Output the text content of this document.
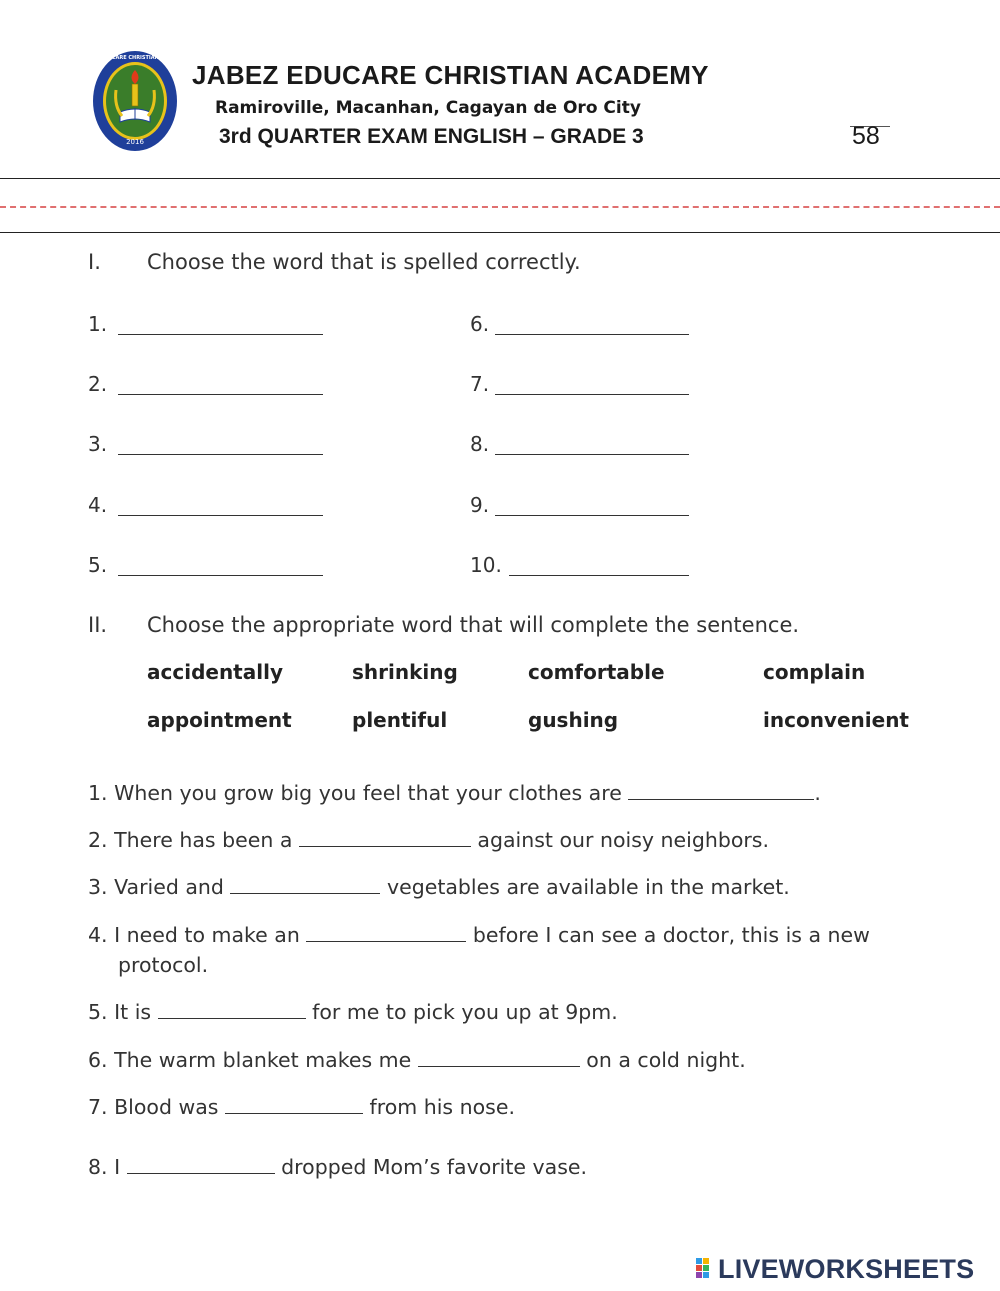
2016
JABEZ EDUCARE CHRISTIAN ACADEMY
JABEZ EDUCARE CHRISTIAN ACADEMY
Ramiroville, Macanhan, Cagayan de Oro City
3rd QUARTER EXAM ENGLISH – GRADE 3	58
I. Choose the word that is spelled correctly.
1.
2.
3.
4.
5.
6.
7.
8.
9.
10.
II. Choose the appropriate word that will complete the sentence.
accidentally	shrinking	comfortable	complain
appointment	plentiful	gushing	inconvenient
1. When you grow big you feel that your clothes are	.
2. There has been a	against our noisy neighbors.
3. Varied and	vegetables are available in the market.
4. I need to make an	before I can see a doctor, this is a new
protocol.
5. It is	for me to pick you up at 9pm.
6. The warm blanket makes me	on a cold night.
7. Blood was	from his nose.
8. I	dropped Mom’s favorite vase.
LIVEWORKSHEETS
